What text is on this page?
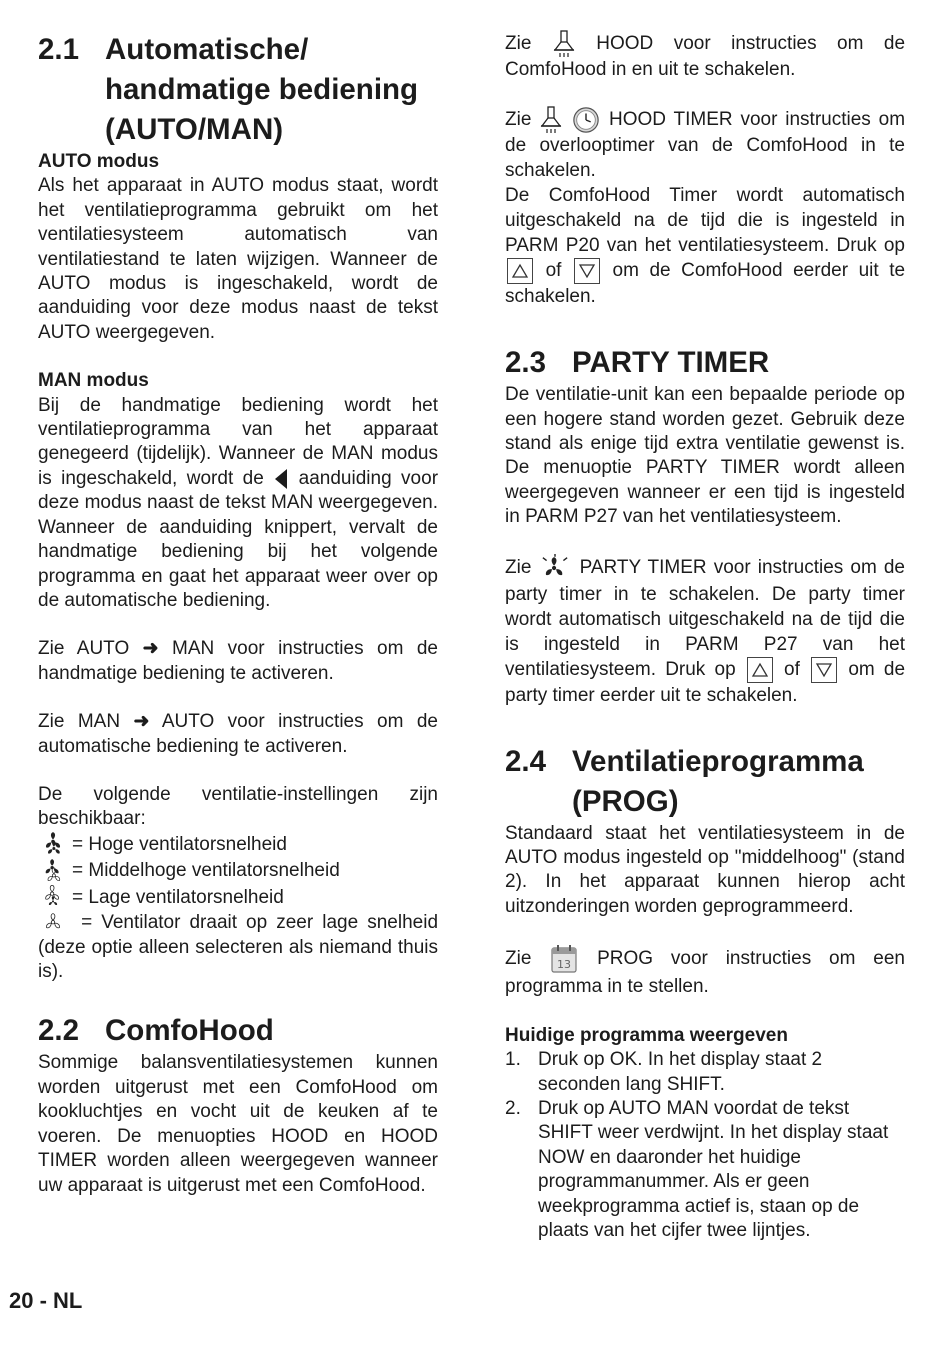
2.1 Automatische/
handmatige bediening
(AUTO/MAN)
AUTO modus

Als het apparaat in AUTO modus staat, wordt het ventilatieprogramma gebruikt om het ventilatiesysteem automatisch van ventilatiestand te laten wijzigen. Wanneer de AUTO modus is ingeschakeld, wordt de aanduiding voor deze modus naast de tekst AUTO weergegeven.

MAN modus

Bij de handmatige bediening wordt het ventilatieprogramma van het apparaat genegeerd (tijdelijk). Wanneer de MAN modus is ingeschakeld, wordt de aanduiding voor deze modus naast de tekst MAN weergegeven. Wanneer de aanduiding knippert, vervalt de handmatige bediening bij het volgende programma en gaat het apparaat weer over op de automatische bediening.

Zie AUTO ➜ MAN voor instructies om de handmatige bediening te activeren.

Zie MAN ➜ AUTO voor instructies om de automatische bediening te activeren.

De volgende ventilatie-instellingen zijn beschikbaar:

= Hoge ventilatorsnelheid
= Middelhoge ventilatorsnelheid
= Lage ventilatorsnelheid

= Ventilator draait op zeer lage snelheid (deze optie alleen selecteren als niemand thuis is).

2.2 ComfoHood

Sommige balansventilatiesystemen kunnen worden uitgerust met een ComfoHood om kookluchtjes en vocht uit de keuken af te voeren. De menuopties HOOD en HOOD TIMER worden alleen weergegeven wanneer uw apparaat is uitgerust met een ComfoHood.

Zie	HOOD voor instructies om de ComfoHood in en uit te schakelen.

Zie	HOOD TIMER voor instructies om de overlooptimer van de ComfoHood in te schakelen.

De ComfoHood Timer wordt automatisch uitgeschakeld na de tijd die is ingesteld in PARM P20 van het ventilatiesysteem. Druk op  of	om de ComfoHood eerder uit te schakelen.

2.3 PARTY TIMER

De ventilatie-unit kan een bepaalde periode op een hogere stand worden gezet. Gebruik deze stand als enige tijd extra ventilatie gewenst is. De menuoptie PARTY TIMER wordt alleen weergegeven wanneer er een tijd is ingesteld in PARM P27 van het ventilatiesysteem.

Zie	PARTY TIMER voor instructies om de party timer in te schakelen. De party timer wordt automatisch uitgeschakeld na de tijd die is ingesteld in PARM P27 van het ventilatiesysteem. Druk op	of	om de party timer eerder uit te schakelen.

2.4 Ventilatieprogramma
(PROG)

Standaard staat het ventilatiesysteem in de AUTO modus ingesteld op "middelhoog" (stand 2). In het apparaat kunnen hierop acht uitzonderingen worden geprogrammeerd.

Zie 13 PROG voor instructies om een programma in te stellen.

Huidige programma weergeven
1. Druk op OK. In het display staat 2 seconden lang SHIFT.
2. Druk op AUTO MAN voordat de tekst SHIFT weer verdwijnt. In het display staat NOW en daaronder het huidige programmanummer. Als er geen weekprogramma actief is, staan op de plaats van het cijfer twee lijntjes.
20 - NL
